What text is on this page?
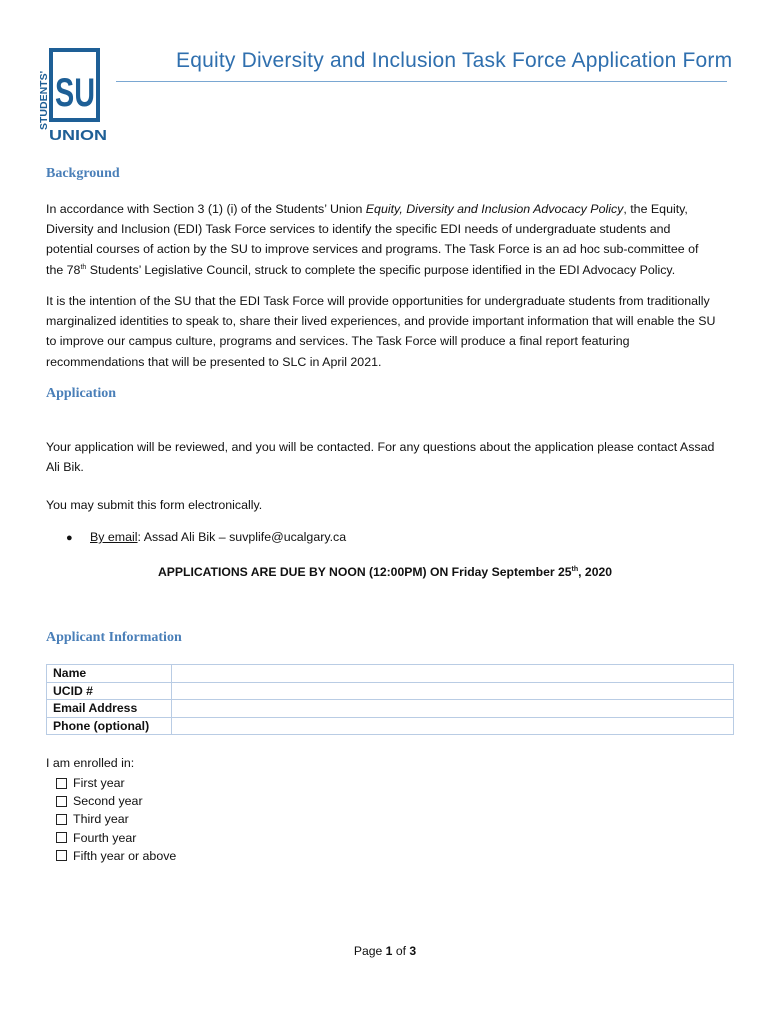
STUDENTS' SU
UNION
Equity Diversity and Inclusion Task Force Application Form
Background
In accordance with Section 3 (1) (i) of the Students’ Union Equity, Diversity and Inclusion Advocacy Policy, the Equity, Diversity and Inclusion (EDI) Task Force services to identify the specific EDI needs of undergraduate students and potential courses of action by the SU to improve services and programs. The Task Force is an ad hoc sub-committee of the 78th Students’ Legislative Council, struck to complete the specific purpose identified in the EDI Advocacy Policy.
It is the intention of the SU that the EDI Task Force will provide opportunities for undergraduate students from traditionally marginalized identities to speak to, share their lived experiences, and provide important information that will enable the SU to improve our campus culture, programs and services. The Task Force will produce a final report featuring recommendations that will be presented to SLC in April 2021.
Application
Your application will be reviewed, and you will be contacted. For any questions about the application please contact Assad Ali Bik.
You may submit this form electronically.
● By email: Assad Ali Bik – suvplife@ucalgary.ca
APPLICATIONS ARE DUE BY NOON (12:00PM) ON Friday September 25th, 2020
Applicant Information
Name	
UCID #	
Email Address	
Phone (optional)	
I am enrolled in:
First year
Second year
Third year
Fourth year
Fifth year or above
Page 1 of 3
